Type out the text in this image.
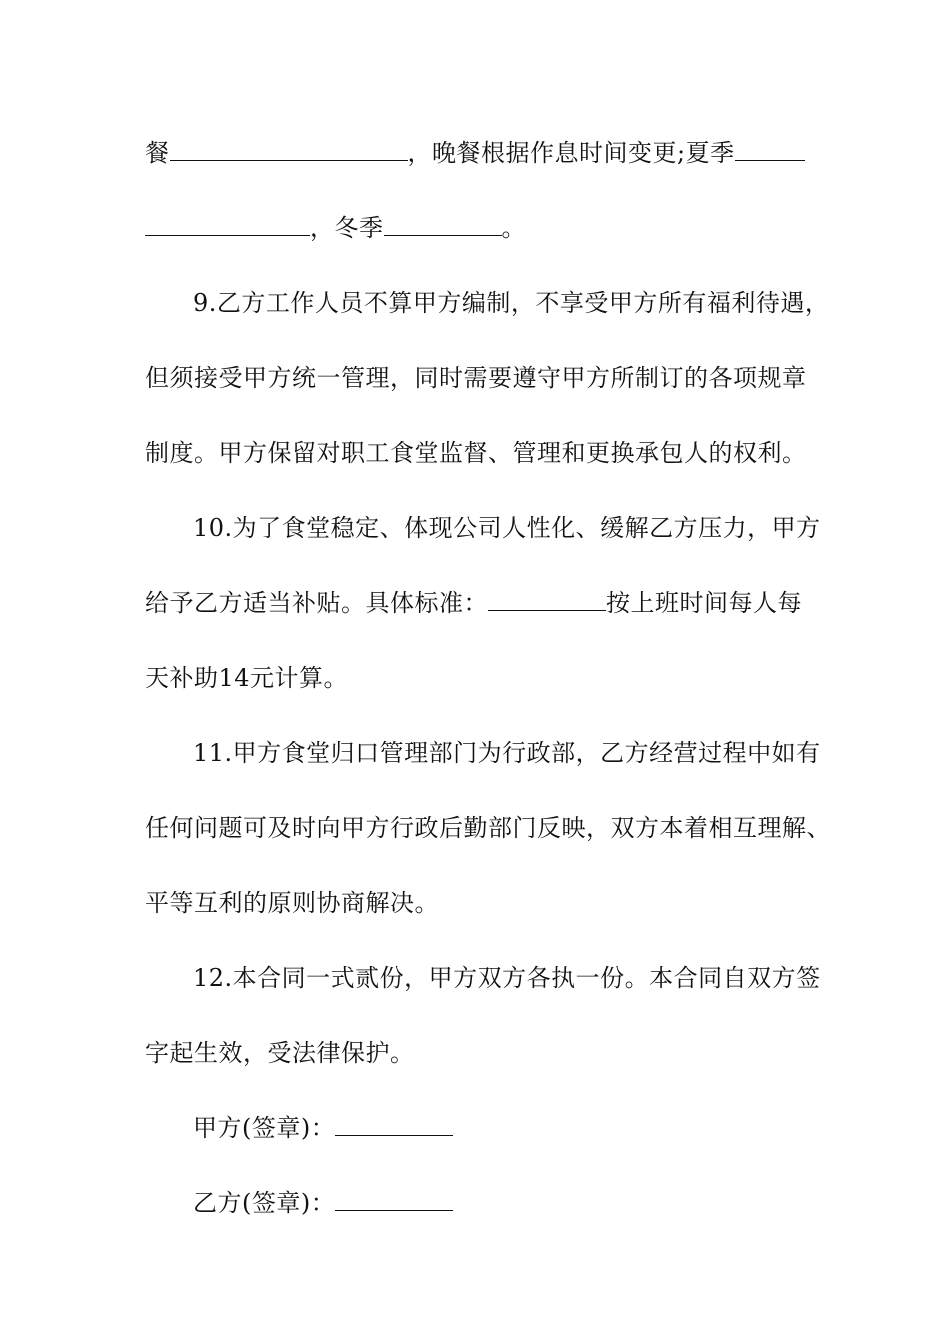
餐	，晚餐根据作息时间变更;夏季
，冬季	。
9.乙方工作人员不算甲方编制，不享受甲方所有福利待遇，
但须接受甲方统一管理，同时需要遵守甲方所制订的各项规章
制度。甲方保留对职工食堂监督、管理和更换承包人的权利。
10.为了食堂稳定、体现公司人性化、缓解乙方压力，甲方
给予乙方适当补贴。具体标准：	按上班时间每人每
天补助14元计算。
11.甲方食堂归口管理部门为行政部，乙方经营过程中如有
任何问题可及时向甲方行政后勤部门反映，双方本着相互理解、
平等互利的原则协商解决。
12.本合同一式贰份，甲方双方各执一份。本合同自双方签
字起生效，受法律保护。
甲方(签章)：
乙方(签章)：
